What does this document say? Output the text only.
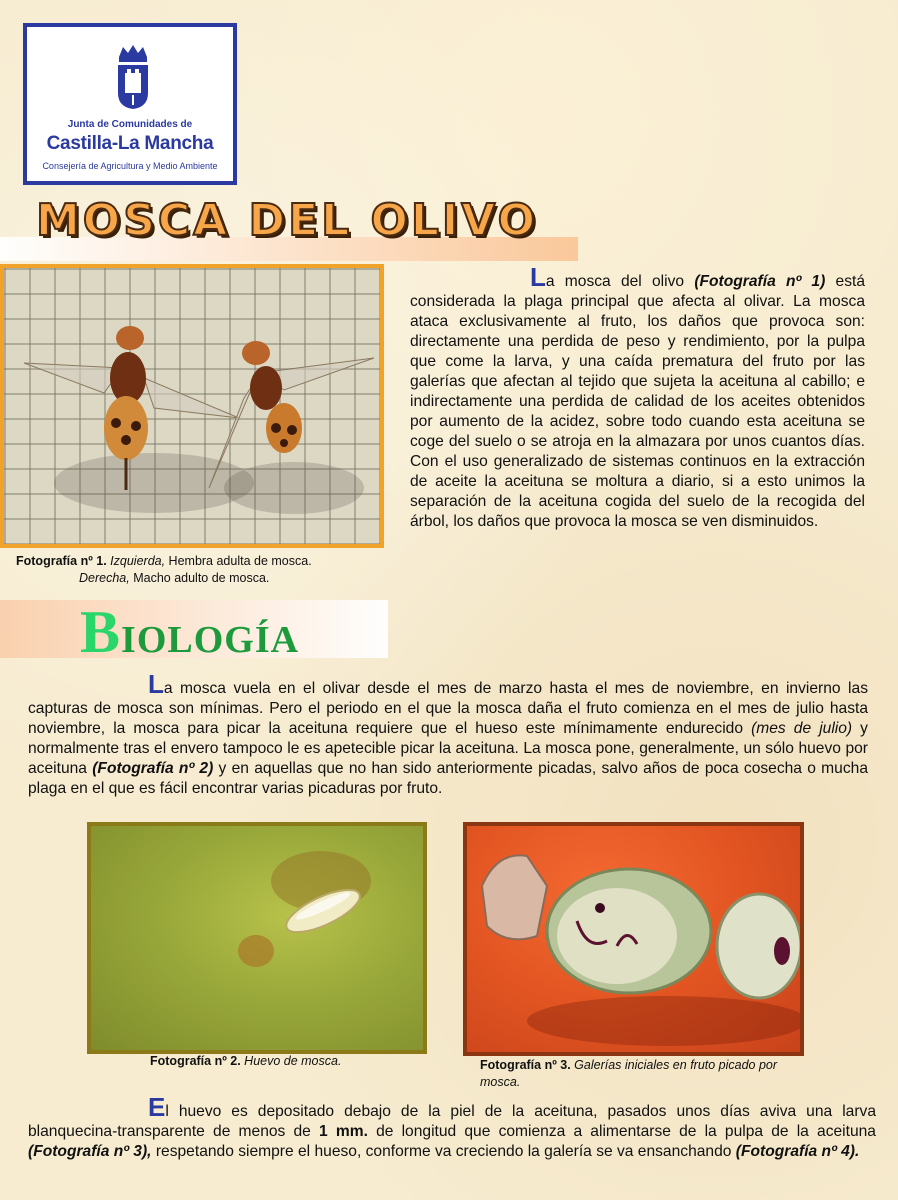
Junta de Comunidades de
Castilla-La Mancha
Consejería de Agricultura y Medio Ambiente
MOSCA DEL OLIVO
Fotografía nº 1. Izquierda, Hembra adulta de mosca.
Derecha, Macho adulto de mosca.
La mosca del olivo (Fotografía nº 1) está considerada la plaga principal que afecta al olivar. La mosca ataca exclusivamente al fruto, los daños que provoca son: directamente una perdida de peso y rendimiento, por la pulpa que come la larva, y una caída prematura del fruto por las galerías que afectan al tejido que sujeta la aceituna al cabillo; e indirectamente una perdida de calidad de los aceites obtenidos por aumento de la acidez, sobre todo cuando esta aceituna se coge del suelo o se atroja en la almazara por unos cuantos días. Con el uso generalizado de sistemas continuos en la extracción de aceite la aceituna se moltura a diario, si a esto unimos la separación de la aceituna cogida del suelo de la recogida del árbol, los daños que provoca la mosca se ven disminuidos.
BIOLOGÍA
La mosca vuela en el olivar desde el mes de marzo hasta el mes de noviembre, en invierno las capturas de mosca son mínimas. Pero el periodo en el que la mosca daña el fruto comienza en el mes de julio hasta noviembre, la mosca para picar la aceituna requiere que el hueso este mínimamente endurecido (mes de julio) y normalmente tras el envero tampoco le es apetecible picar la aceituna. La mosca pone, generalmente, un sólo huevo por aceituna (Fotografía nº 2) y en aquellas que no han sido anteriormente picadas, salvo años de poca cosecha o mucha plaga en el que es fácil encontrar varias picaduras por fruto.
Fotografía nº 2. Huevo de mosca.	Fotografía nº 3. Galerías iniciales en fruto picado por mosca.
El huevo es depositado debajo de la piel de la aceituna, pasados unos días aviva una larva blanquecina-transparente de menos de 1 mm. de longitud que comienza a alimentarse de la pulpa de la aceituna (Fotografía nº 3), respetando siempre el hueso, conforme va creciendo la galería se va ensanchando (Fotografía nº 4).
